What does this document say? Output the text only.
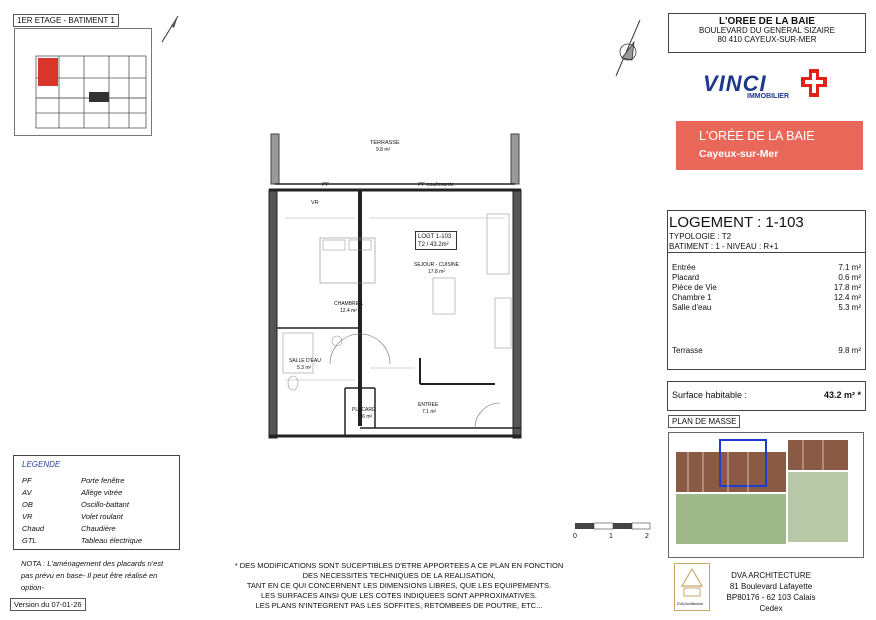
1ER ETAGE - BATIMENT 1
TERRASSE
9.8 m²
PF	PF coulissante
VR
LOGT 1-103
T2 / 43.2m²
SEJOUR - CUISINE
17.8 m²
CHAMBRE 1
12.4 m²
SALLE D'EAU
5.3 m²
PLACARD
0.6 m²
ENTREE
7.1 m²
L'OREE DE LA BAIE
BOULEVARD DU GENERAL SIZAIRE
80 410 CAYEUX-SUR-MER
VINCI
IMMOBILIER
L'ORÉE DE LA BAIE
Cayeux-sur-Mer
LOGEMENT : 1-103
TYPOLOGIE : T2
BATIMENT : 1 - NIVEAU : R+1
Entrée	7.1 m²
Placard	0.6 m²
Pièce de Vie	17.8 m²
Chambre 1	12.4 m²
Salle d'eau	5.3 m²
Terrasse	9.8 m²
Surface habitable :	43.2 m² *
PLAN DE MASSE
LEGENDE
PF	Porte fenêtre
AV	Allège vitrée
OB	Oscillo-battant
VR	Volet roulant
Chaud	Chaudière
GTL	Tableau électrique
NOTA : L'aménagement des placards n'est pas prévu en base- Il peut être réalisé en option-
Version du 07-01-26
0	1	2
* DES MODIFICATIONS SONT SUCEPTIBLES D'ETRE APPORTEES A CE PLAN EN FONCTION
DES NECESSITES TECHNIQUES DE LA REALISATION,
TANT EN CE QUI CONCERNENT LES DIMENSIONS LIBRES, QUE LES EQUIPEMENTS.
LES SURFACES AINSI QUE LES COTES INDIQUEES SONT APPROXIMATIVES.
LES PLANS N'INTEGRENT PAS LES SOFFITES, RETOMBEES DE POUTRE, ETC...	DVA Architecture
DVA ARCHITECTURE
81 Boulevard Lafayette
BP80176 - 62 103 Calais Cedex
